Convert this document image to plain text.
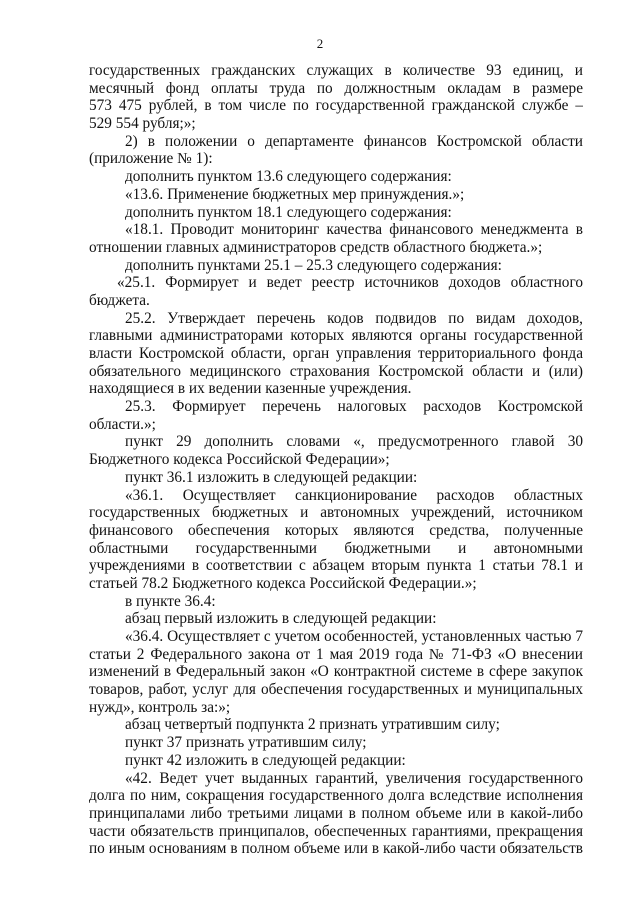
2
государственных гражданских служащих в количестве 93 единиц, и
месячный фонд оплаты труда по должностным окладам в размере
573 475 рублей, в том числе по государственной гражданской службе –
529 554 рубля;»;
2) в положении о департаменте финансов Костромской области
(приложение № 1):
дополнить пунктом 13.6 следующего содержания:
«13.6. Применение бюджетных мер принуждения.»;
дополнить пунктом 18.1 следующего содержания:
«18.1. Проводит мониторинг качества финансового менеджмента в
отношении главных администраторов средств областного бюджета.»;
дополнить пунктами 25.1 – 25.3 следующего содержания:
«25.1. Формирует и ведет реестр источников доходов областного
бюджета.
25.2. Утверждает перечень кодов подвидов по видам доходов,
главными администраторами которых являются органы государственной
власти Костромской области, орган управления территориального фонда
обязательного медицинского страхования Костромской области и (или)
находящиеся в их ведении казенные учреждения.
25.3. Формирует перечень налоговых расходов Костромской
области.»;
пункт 29 дополнить словами «, предусмотренного главой 30
Бюджетного кодекса Российской Федерации»;
пункт 36.1 изложить в следующей редакции:
«36.1. Осуществляет санкционирование расходов областных
государственных бюджетных и автономных учреждений, источником
финансового обеспечения которых являются средства, полученные
областными государственными бюджетными и автономными
учреждениями в соответствии с абзацем вторым пункта 1 статьи 78.1 и
статьей 78.2 Бюджетного кодекса Российской Федерации.»;
в пункте 36.4:
абзац первый изложить в следующей редакции:
«36.4. Осуществляет с учетом особенностей, установленных частью 7
статьи 2 Федерального закона от 1 мая 2019 года № 71-ФЗ «О внесении
изменений в Федеральный закон «О контрактной системе в сфере закупок
товаров, работ, услуг для обеспечения государственных и муниципальных
нужд», контроль за:»;
абзац четвертый подпункта 2 признать утратившим силу;
пункт 37 признать утратившим силу;
пункт 42 изложить в следующей редакции:
«42. Ведет учет выданных гарантий, увеличения государственного
долга по ним, сокращения государственного долга вследствие исполнения
принципалами либо третьими лицами в полном объеме или в какой-либо
части обязательств принципалов, обеспеченных гарантиями, прекращения
по иным основаниям в полном объеме или в какой-либо части обязательств
